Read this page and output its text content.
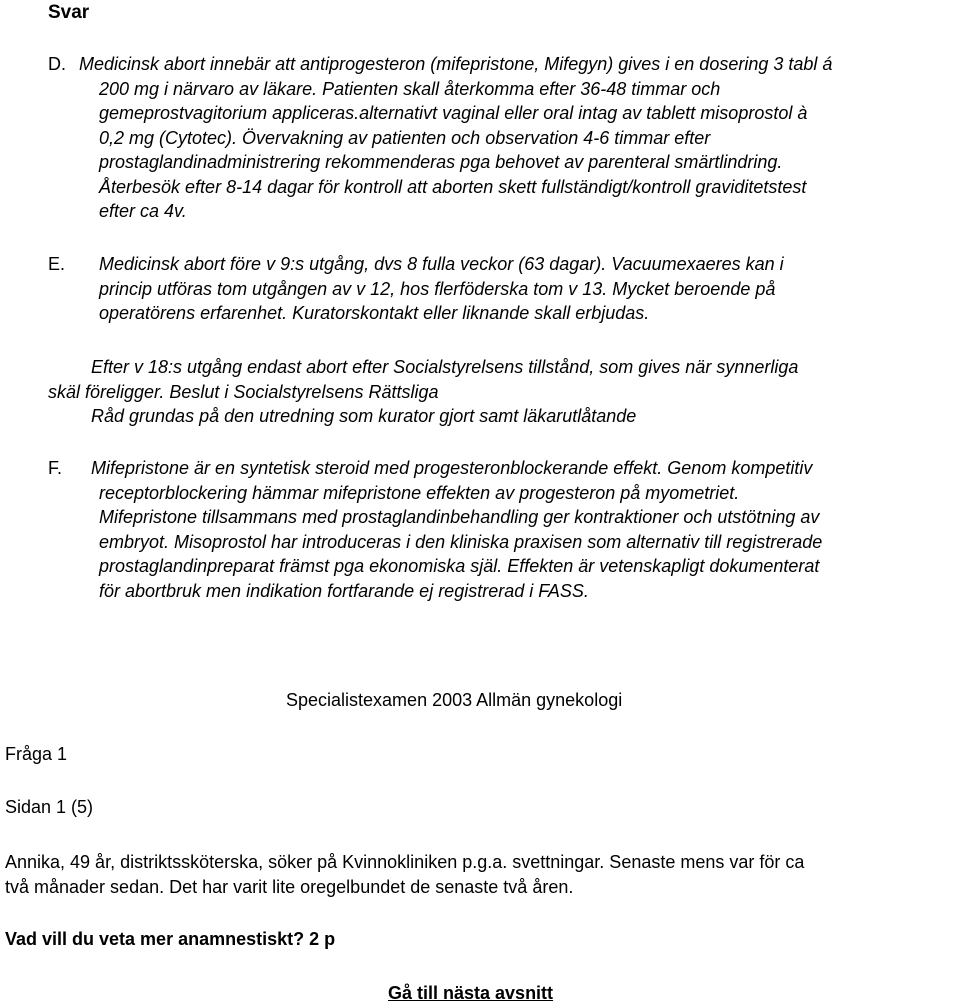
Svar
D. Medicinsk abort innebär att antiprogesteron (mifepristone, Mifegyn) gives i en dosering 3 tabl á
200 mg i närvaro av läkare. Patienten skall återkomma efter 36-48 timmar och
gemeprostvagitorium appliceras.alternativt vaginal eller oral intag av tablett misoprostol à
0,2 mg (Cytotec). Övervakning av patienten och observation 4-6 timmar efter
prostaglandinadministrering rekommenderas pga behovet av parenteral smärtlindring.
Återbesök efter 8-14 dagar för kontroll att aborten skett fullständigt/kontroll graviditetstest
efter ca 4v.
E. Medicinsk abort före v 9:s utgång, dvs 8 fulla veckor (63 dagar). Vacuumexaeres kan i
princip utföras tom utgången av v 12, hos flerföderska tom v 13. Mycket beroende på
operatörens erfarenhet. Kuratorskontakt eller liknande skall erbjudas.
Efter v 18:s utgång endast abort efter Socialstyrelsens tillstånd, som gives när synnerliga
skäl föreligger. Beslut i Socialstyrelsens Rättsliga
Råd grundas på den utredning som kurator gjort samt läkarutlåtande
F. Mifepristone är en syntetisk steroid med progesteronblockerande effekt. Genom kompetitiv
receptorblockering hämmar mifepristone effekten av progesteron på myometriet.
Mifepristone tillsammans med prostaglandinbehandling ger kontraktioner och utstötning av
embryot. Misoprostol har introduceras i den kliniska praxisen som alternativ till registrerade
prostaglandinpreparat främst pga ekonomiska själ. Effekten är vetenskapligt dokumenterat
för abortbruk men indikation fortfarande ej registrerad i FASS.
Specialistexamen 2003 Allmän gynekologi
Fråga 1
Sidan 1 (5)
Annika, 49 år, distriktssköterska, söker på Kvinnokliniken p.g.a. svettningar. Senaste mens var för ca
två månader sedan. Det har varit lite oregelbundet de senaste två åren.
Vad vill du veta mer anamnestiskt? 2 p
Gå till nästa avsnitt
